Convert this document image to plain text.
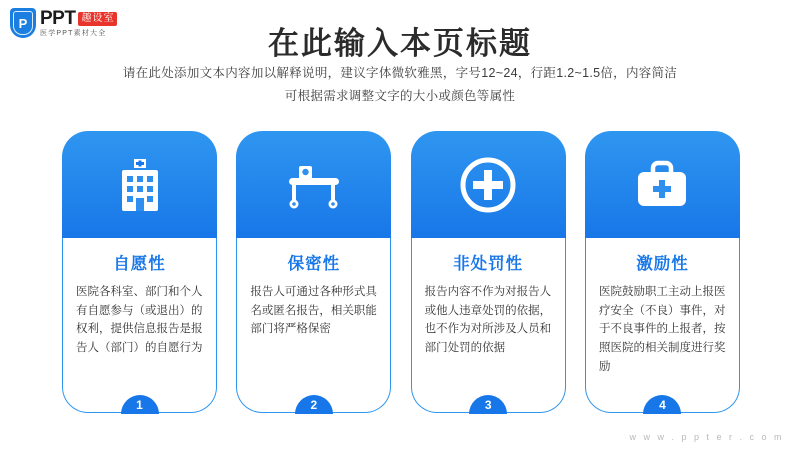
P PPT 趣设室
医学PPT素材大全	在此输入本页标题
请在此处添加文本内容加以解释说明，建议字体微软雅黑，字号12~24，行距1.2~1.5倍，内容简洁
可根据需求调整文字的大小或颜色等属性
自愿性
医院各科室、部门和个人有自愿参与（或退出）的权利，提供信息报告是报告人（部门）的自愿行为
1
保密性
报告人可通过各种形式具名或匿名报告，相关职能部门将严格保密
2
非处罚性
报告内容不作为对报告人或他人违章处罚的依据，也不作为对所涉及人员和部门处罚的依据
3
激励性
医院鼓励职工主动上报医疗安全（不良）事件，对于不良事件的上报者，按照医院的相关制度进行奖励
4
w w w . p p t e r . c o m
